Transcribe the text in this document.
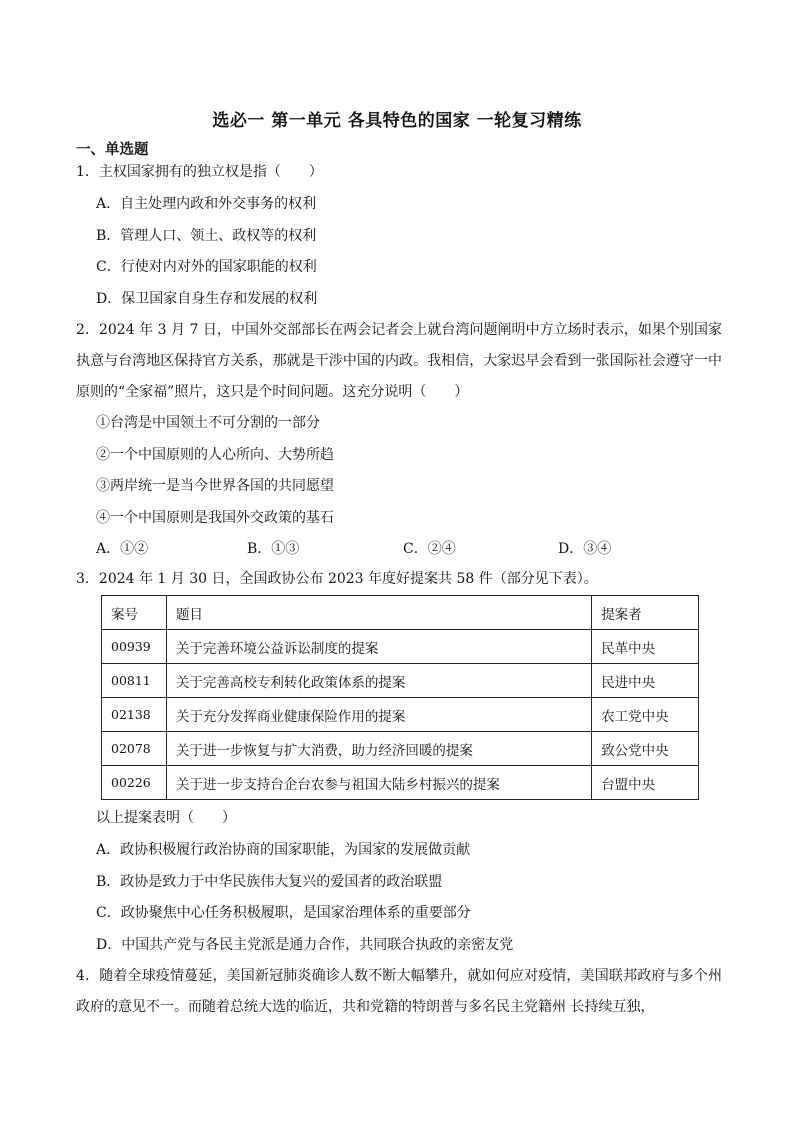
选必一 第一单元 各具特色的国家 一轮复习精练
一、单选题
1．主权国家拥有的独立权是指（　　）
A．自主处理内政和外交事务的权利
B．管理人口、领土、政权等的权利
C．行使对内对外的国家职能的权利
D．保卫国家自身生存和发展的权利
2．2024 年 3 月 7 日，中国外交部部长在两会记者会上就台湾问题阐明中方立场时表示，如果个别国家执意与台湾地区保持官方关系，那就是干涉中国的内政。我相信，大家迟早会看到一张国际社会遵守一中原则的“全家福”照片，这只是个时间问题。这充分说明（　　）
①台湾是中国领土不可分割的一部分
②一个中国原则的人心所向、大势所趋
③两岸统一是当今世界各国的共同愿望
④一个中国原则是我国外交政策的基石
A．①②	B．①③	C．②④	D．③④
3．2024 年 1 月 30 日，全国政协公布 2023 年度好提案共 58 件（部分见下表）。
案号	题目	提案者
00939	关于完善环境公益诉讼制度的提案	民革中央
00811	关于完善高校专利转化政策体系的提案	民进中央
02138	关于充分发挥商业健康保险作用的提案	农工党中央
02078	关于进一步恢复与扩大消费，助力经济回暖的提案	致公党中央
00226	关于进一步支持台企台农参与祖国大陆乡村振兴的提案	台盟中央
以上提案表明（　　）
A．政协积极履行政治协商的国家职能，为国家的发展做贡献
B．政协是致力于中华民族伟大复兴的爱国者的政治联盟
C．政协聚焦中心任务积极履职，是国家治理体系的重要部分
D．中国共产党与各民主党派是通力合作，共同联合执政的亲密友党
4．随着全球疫情蔓延，美国新冠肺炎确诊人数不断大幅攀升，就如何应对疫情，美国联邦政府与多个州政府的意见不一。而随着总统大选的临近，共和党籍的特朗普与多名民主党籍州 长持续互独，
